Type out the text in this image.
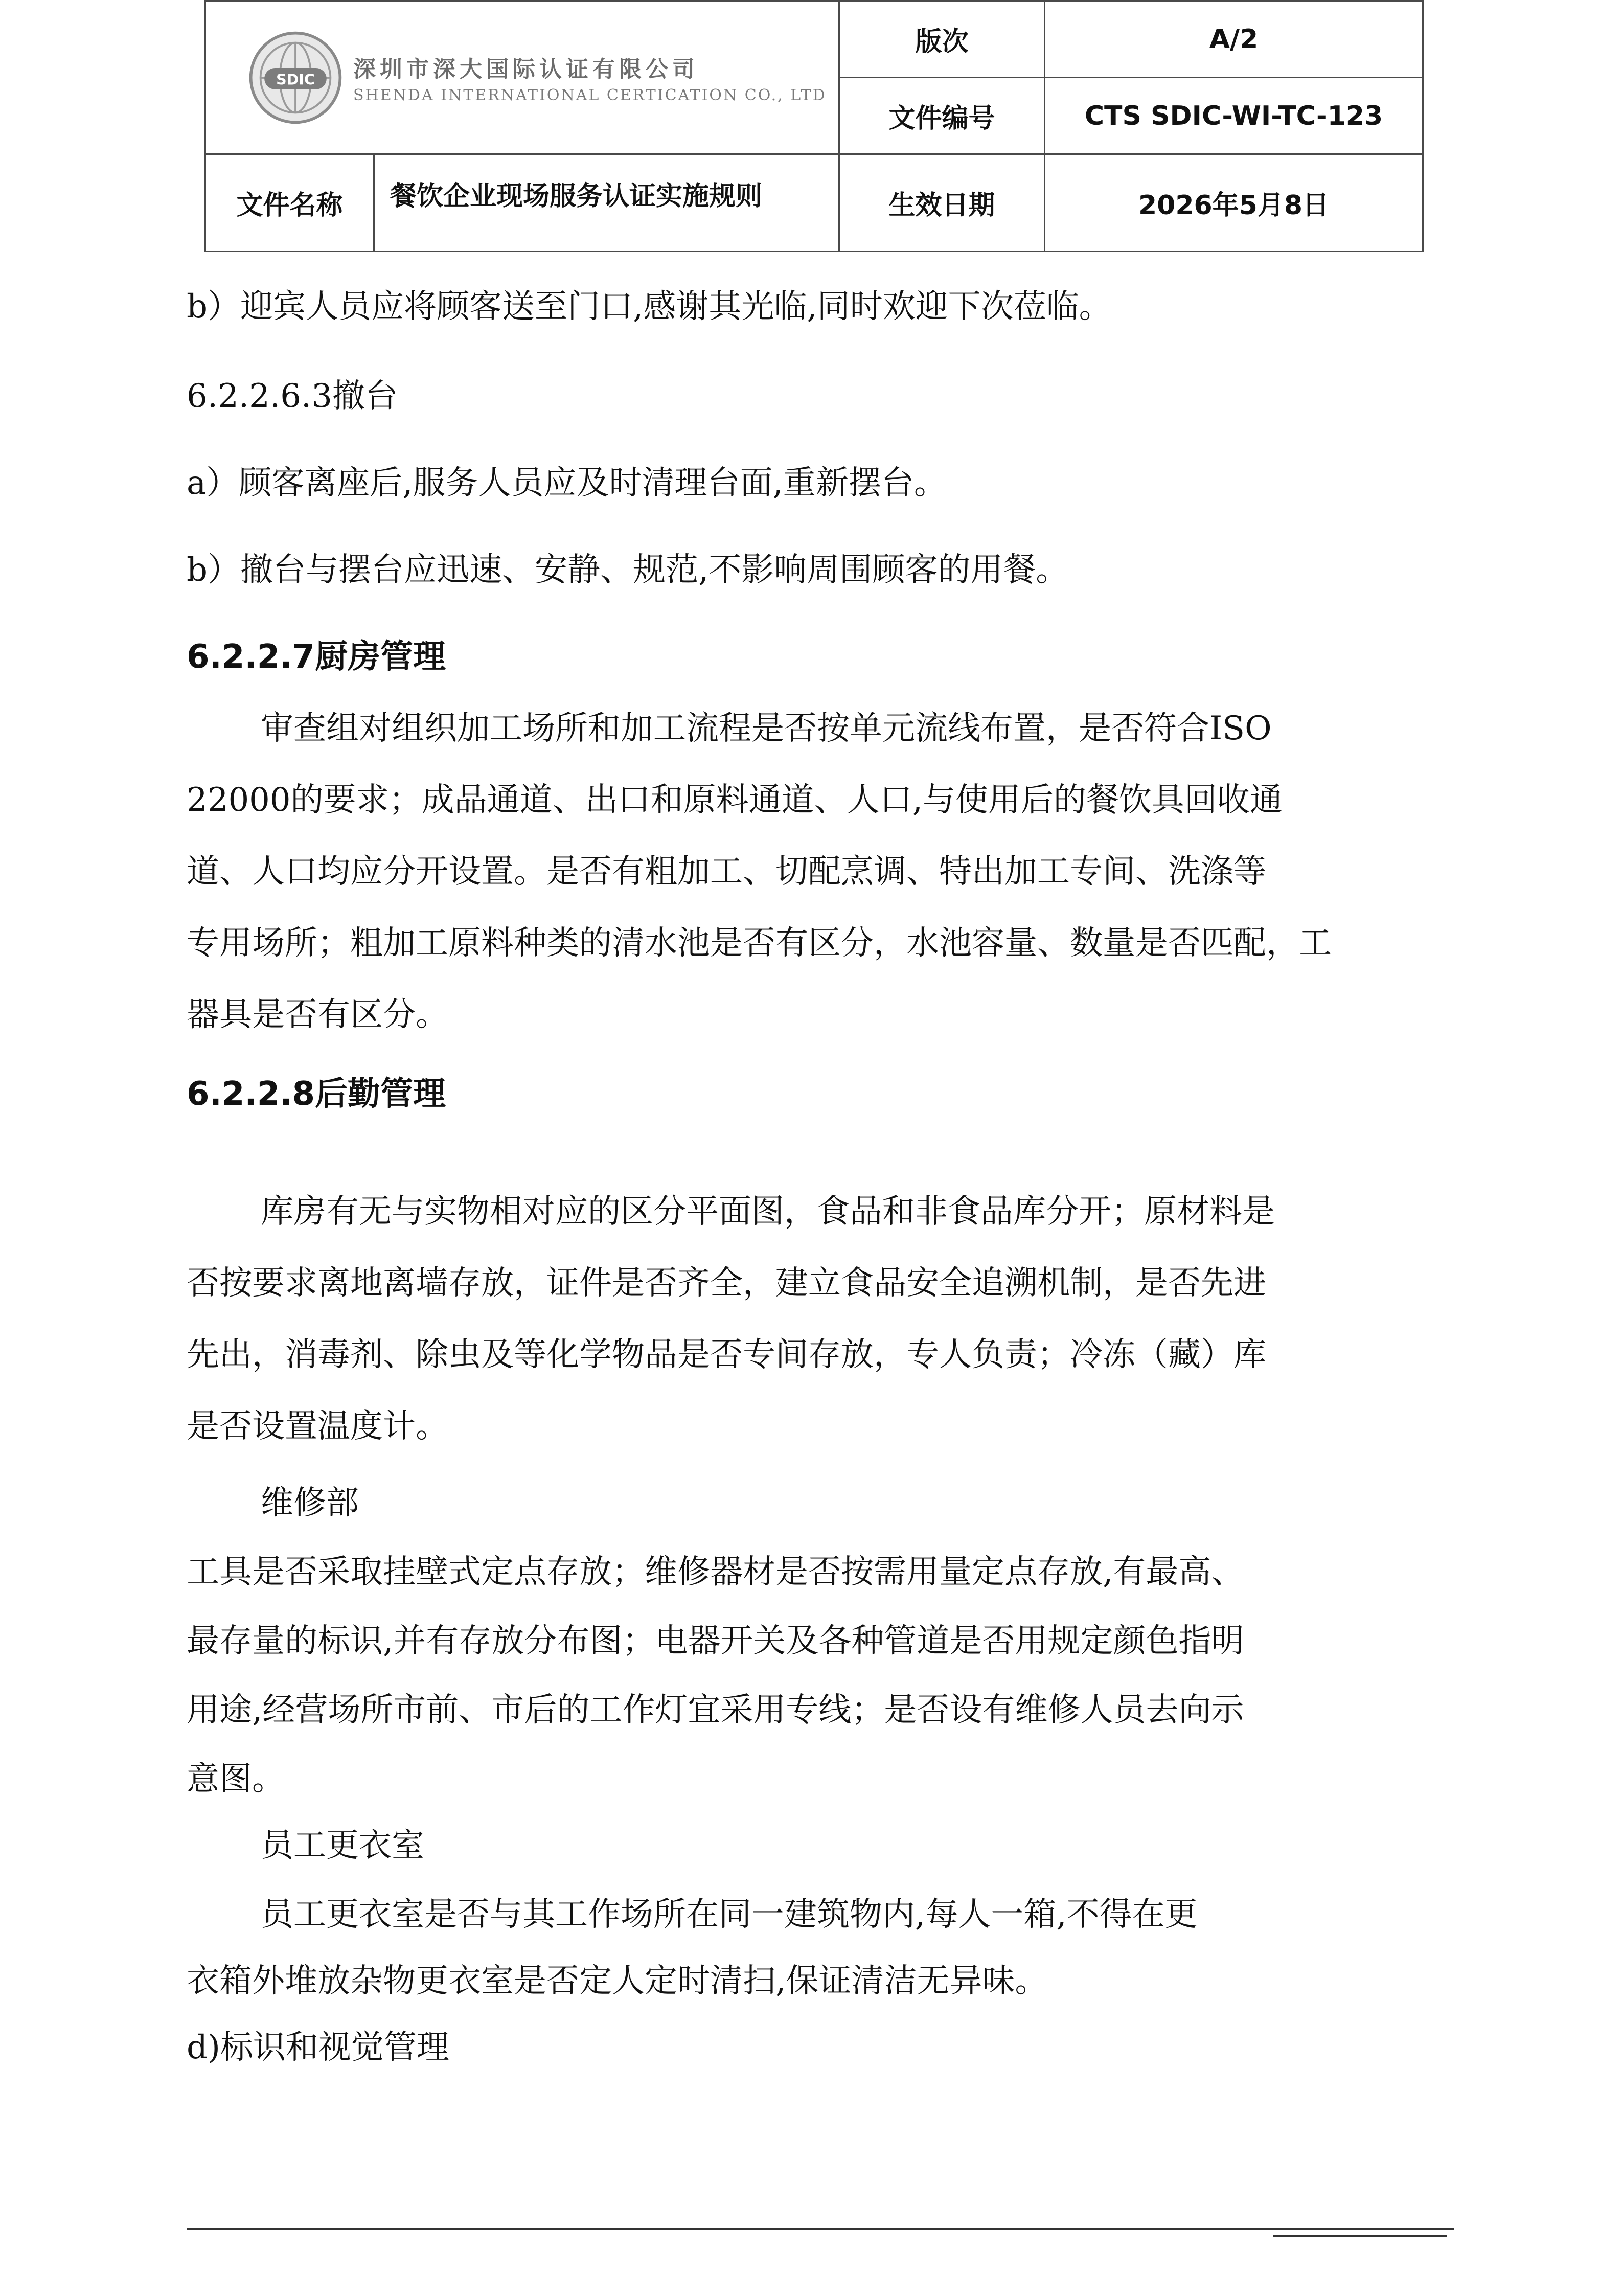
SDIC 深圳市深大国际认证有限公司
SHENDA INTERNATIONAL CERTICATION CO., LTD		版次	A/2
		文件编号	CTS SDIC-WI-TC-123
文件名称	餐饮企业现场服务认证实施规则	生效日期	2026年5月8日
b）迎宾人员应将顾客送至门口,感谢其光临,同时欢迎下次莅临。
6.2.2.6.3撤台
a）顾客离座后,服务人员应及时清理台面,重新摆台。
b）撤台与摆台应迅速、安静、规范,不影响周围顾客的用餐。
6.2.2.7厨房管理
审查组对组织加工场所和加工流程是否按单元流线布置，是否符合ISO
22000的要求；成品通道、出口和原料通道、人口,与使用后的餐饮具回收通
道、人口均应分开设置。是否有粗加工、切配烹调、特出加工专间、洗涤等
专用场所；粗加工原料种类的清水池是否有区分，水池容量、数量是否匹配，工
器具是否有区分。
6.2.2.8后勤管理
库房有无与实物相对应的区分平面图，食品和非食品库分开；原材料是
否按要求离地离墙存放，证件是否齐全，建立食品安全追溯机制，是否先进
先出，消毒剂、除虫及等化学物品是否专间存放，专人负责；冷冻（藏）库
是否设置温度计。
维修部
工具是否采取挂壁式定点存放；维修器材是否按需用量定点存放,有最高、
最存量的标识,并有存放分布图；电器开关及各种管道是否用规定颜色指明
用途,经营场所市前、市后的工作灯宜采用专线；是否设有维修人员去向示
意图。
员工更衣室
员工更衣室是否与其工作场所在同一建筑物内,每人一箱,不得在更
衣箱外堆放杂物更衣室是否定人定时清扫,保证清洁无异味。
d)标识和视觉管理
